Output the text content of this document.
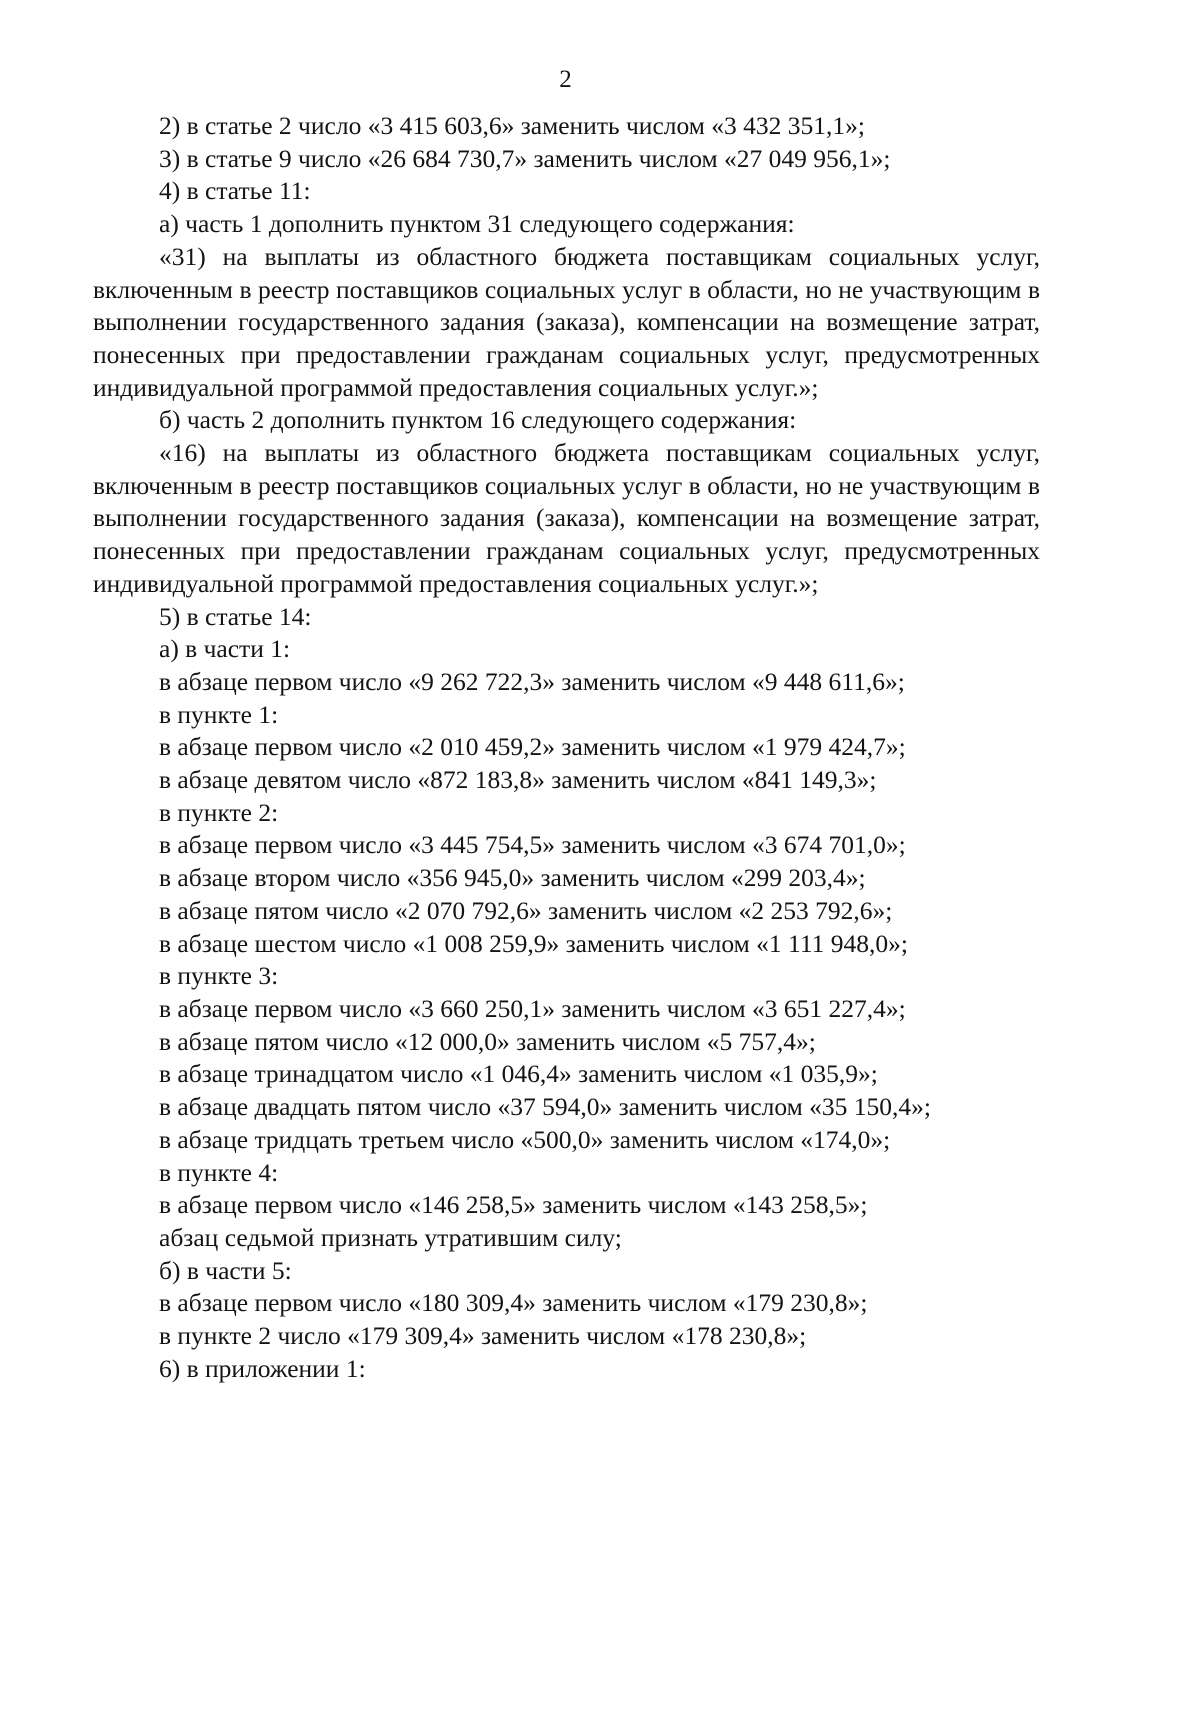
2

2) в статье 2 число «3 415 603,6» заменить числом «3 432 351,1»;

3) в статье 9 число «26 684 730,7» заменить числом «27 049 956,1»;

4) в статье 11:

а) часть 1 дополнить пунктом 31 следующего содержания:

«31) на выплаты из областного бюджета поставщикам социальных услуг, включенным в реестр поставщиков социальных услуг в области, но не участвующим в выполнении государственного задания (заказа), компенсации на возмещение затрат, понесенных при предоставлении гражданам социальных услуг, предусмотренных индивидуальной программой предоставления социальных услуг.»;

б) часть 2 дополнить пунктом 16 следующего содержания:

«16) на выплаты из областного бюджета поставщикам социальных услуг, включенным в реестр поставщиков социальных услуг в области, но не участвующим в выполнении государственного задания (заказа), компенсации на возмещение затрат, понесенных при предоставлении гражданам социальных услуг, предусмотренных индивидуальной программой предоставления социальных услуг.»;

5) в статье 14:

а) в части 1:

в абзаце первом число «9 262 722,3» заменить числом «9 448 611,6»;

в пункте 1:

в абзаце первом число «2 010 459,2» заменить числом «1 979 424,7»;

в абзаце девятом число «872 183,8» заменить числом «841 149,3»;

в пункте 2:

в абзаце первом число «3 445 754,5» заменить числом «3 674 701,0»;

в абзаце втором число «356 945,0» заменить числом «299 203,4»;

в абзаце пятом число «2 070 792,6» заменить числом «2 253 792,6»;

в абзаце шестом число «1 008 259,9» заменить числом «1 111 948,0»;

в пункте 3:

в абзаце первом число «3 660 250,1» заменить числом «3 651 227,4»;

в абзаце пятом число «12 000,0» заменить числом «5 757,4»;

в абзаце тринадцатом число «1 046,4» заменить числом «1 035,9»;

в абзаце двадцать пятом число «37 594,0» заменить числом «35 150,4»;

в абзаце тридцать третьем число «500,0» заменить числом «174,0»;

в пункте 4:

в абзаце первом число «146 258,5» заменить числом «143 258,5»;

абзац седьмой признать утратившим силу;

б) в части 5:

в абзаце первом число «180 309,4» заменить числом «179 230,8»;

в пункте 2 число «179 309,4» заменить числом «178 230,8»;

6) в приложении 1:
